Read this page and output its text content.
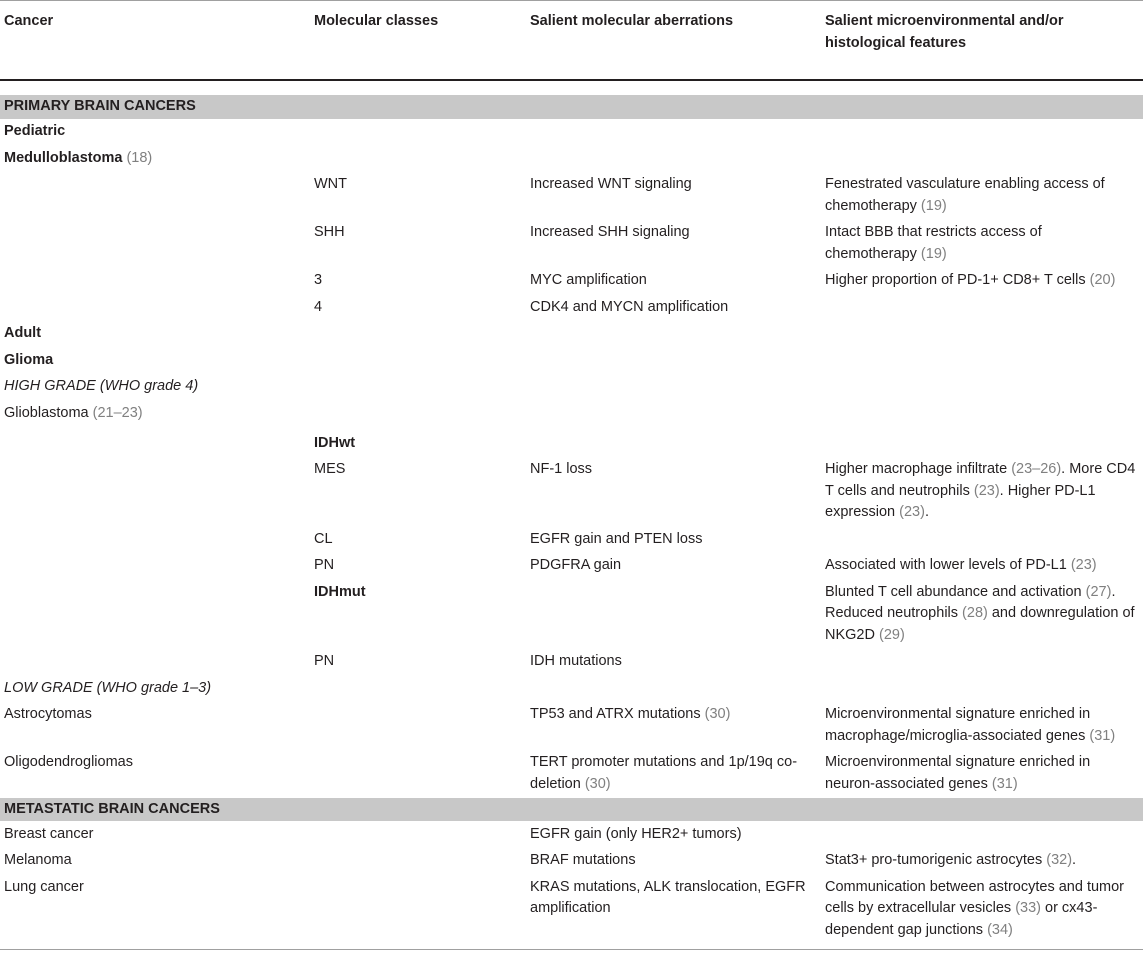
Cancer	Molecular classes	Salient molecular aberrations	Salient microenvironmental and/or histological features

PRIMARY BRAIN CANCERS			
Pediatric			
Medulloblastoma (18)			
	WNT	Increased WNT signaling	Fenestrated vasculature enabling access of chemotherapy (19)
	SHH	Increased SHH signaling	Intact BBB that restricts access of chemotherapy (19)
	3	MYC amplification	Higher proportion of PD-1+ CD8+ T cells (20)
	4	CDK4 and MYCN amplification	
Adult			
Glioma			
HIGH GRADE (WHO grade 4)			
Glioblastoma (21–23)			
	IDHwt		
	MES	NF-1 loss	Higher macrophage infiltrate (23–26). More CD4 T cells and neutrophils (23). Higher PD-L1 expression (23).
	CL	EGFR gain and PTEN loss	
	PN	PDGFRA gain	Associated with lower levels of PD-L1 (23)
	IDHmut		Blunted T cell abundance and activation (27). Reduced neutrophils (28) and downregulation of NKG2D (29)
	PN	IDH mutations	
LOW GRADE (WHO grade 1–3)			
Astrocytomas		TP53 and ATRX mutations (30)	Microenvironmental signature enriched in macrophage/microglia-associated genes (31)
Oligodendrogliomas		TERT promoter mutations and 1p/19q co-deletion (30)	Microenvironmental signature enriched in neuron-associated genes (31)
METASTATIC BRAIN CANCERS			
Breast cancer		EGFR gain (only HER2+ tumors)	
Melanoma		BRAF mutations	Stat3+ pro-tumorigenic astrocytes (32).
Lung cancer		KRAS mutations, ALK translocation, EGFR amplification	Communication between astrocytes and tumor cells by extracellular vesicles (33) or cx43-dependent gap junctions (34)
